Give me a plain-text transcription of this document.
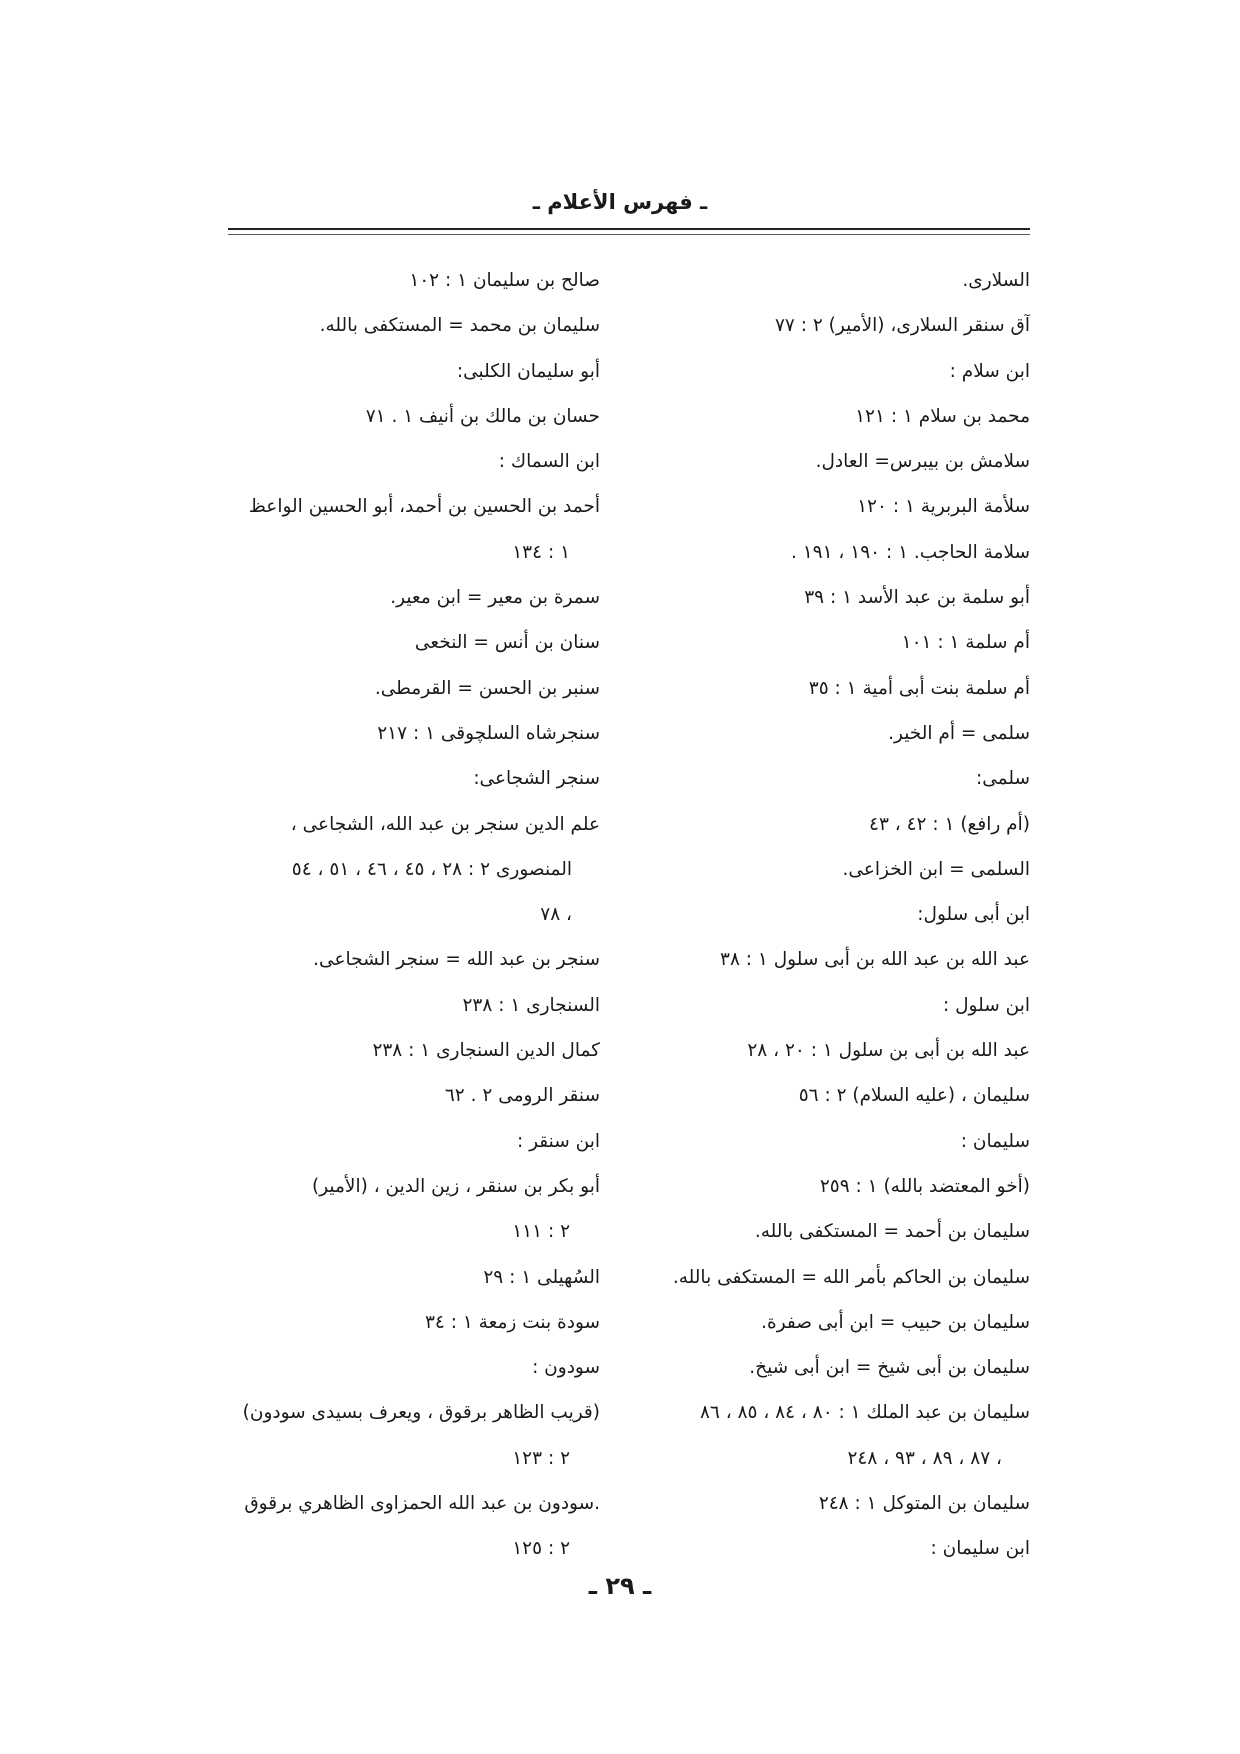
ـ فهرس الأعلام ـ
السلارى.
آق سنقر السلارى، (الأمير) ٢ : ٧٧
ابن سلام :
محمد بن سلام ١ : ١٢١
سلامش بن بيبرس= العادل.
سلأمة البربرية ١ : ١٢٠
سلامة الحاجب. ١ : ١٩٠ ، ١٩١ .
أبو سلمة بن عبد الأسد ١ : ٣٩
أم سلمة ١ : ١٠١
أم سلمة بنت أبى أمية ١ : ٣٥
سلمى = أم الخير.
سلمى:
(أم رافع) ١ : ٤٢ ، ٤٣
السلمى = ابن الخزاعى.
ابن أبى سلول:
عبد الله بن عبد الله بن أبى سلول ١ : ٣٨
ابن سلول :
عبد الله بن أبى بن سلول ١ : ٢٠ ، ٢٨
سليمان ، (عليه السلام) ٢ : ٥٦
سليمان :
(أخو المعتضد بالله) ١ : ٢٥٩
سليمان بن أحمد = المستكفى بالله.
سليمان بن الحاكم بأمر الله = المستكفى بالله.
سليمان بن حبيب = ابن أبى صفرة.
سليمان بن أبى شيخ = ابن أبى شيخ.
سليمان بن عبد الملك ١ : ٨٠ ، ٨٤ ، ٨٥ ، ٨٦
، ٨٧ ، ٨٩ ، ٩٣ ، ٢٤٨
سليمان بن المتوكل ١ : ٢٤٨
ابن سليمان :
صالح بن سليمان ١ : ١٠٢
سليمان بن محمد = المستكفى بالله.
أبو سليمان الكلبى:
حسان بن مالك بن أنيف ١ . ٧١
ابن السماك :
أحمد بن الحسين بن أحمد، أبو الحسين الواعظ
١ : ١٣٤
سمرة بن معير = ابن معير.
سنان بن أنس = النخعى
سنبر بن الحسن = القرمطى.
سنجرشاه السلچوقى ١ : ٢١٧
سنجر الشجاعى:
علم الدين سنجر بن عبد الله، الشجاعى ،
المنصورى ٢ : ٢٨ ، ٤٥ ، ٤٦ ، ٥١ ، ٥٤
، ٧٨
سنجر بن عبد الله = سنجر الشجاعى.
السنجارى ١ : ٢٣٨
كمال الدين السنجارى ١ : ٢٣٨
سنقر الرومى ٢ . ٦٢
ابن سنقر :
أبو بكر بن سنقر ، زين الدين ، (الأمير)
٢ : ١١١
السُهيلى ١ : ٢٩
سودة بنت زمعة ١ : ٣٤
سودون :
(قريب الظاهر برقوق ، ويعرف بسيدى سودون)
٢ : ١٢٣
.سودون بن عبد الله الحمزاوى الظاهري برقوق
٢ : ١٢٥
ـ ٢٩ ـ
